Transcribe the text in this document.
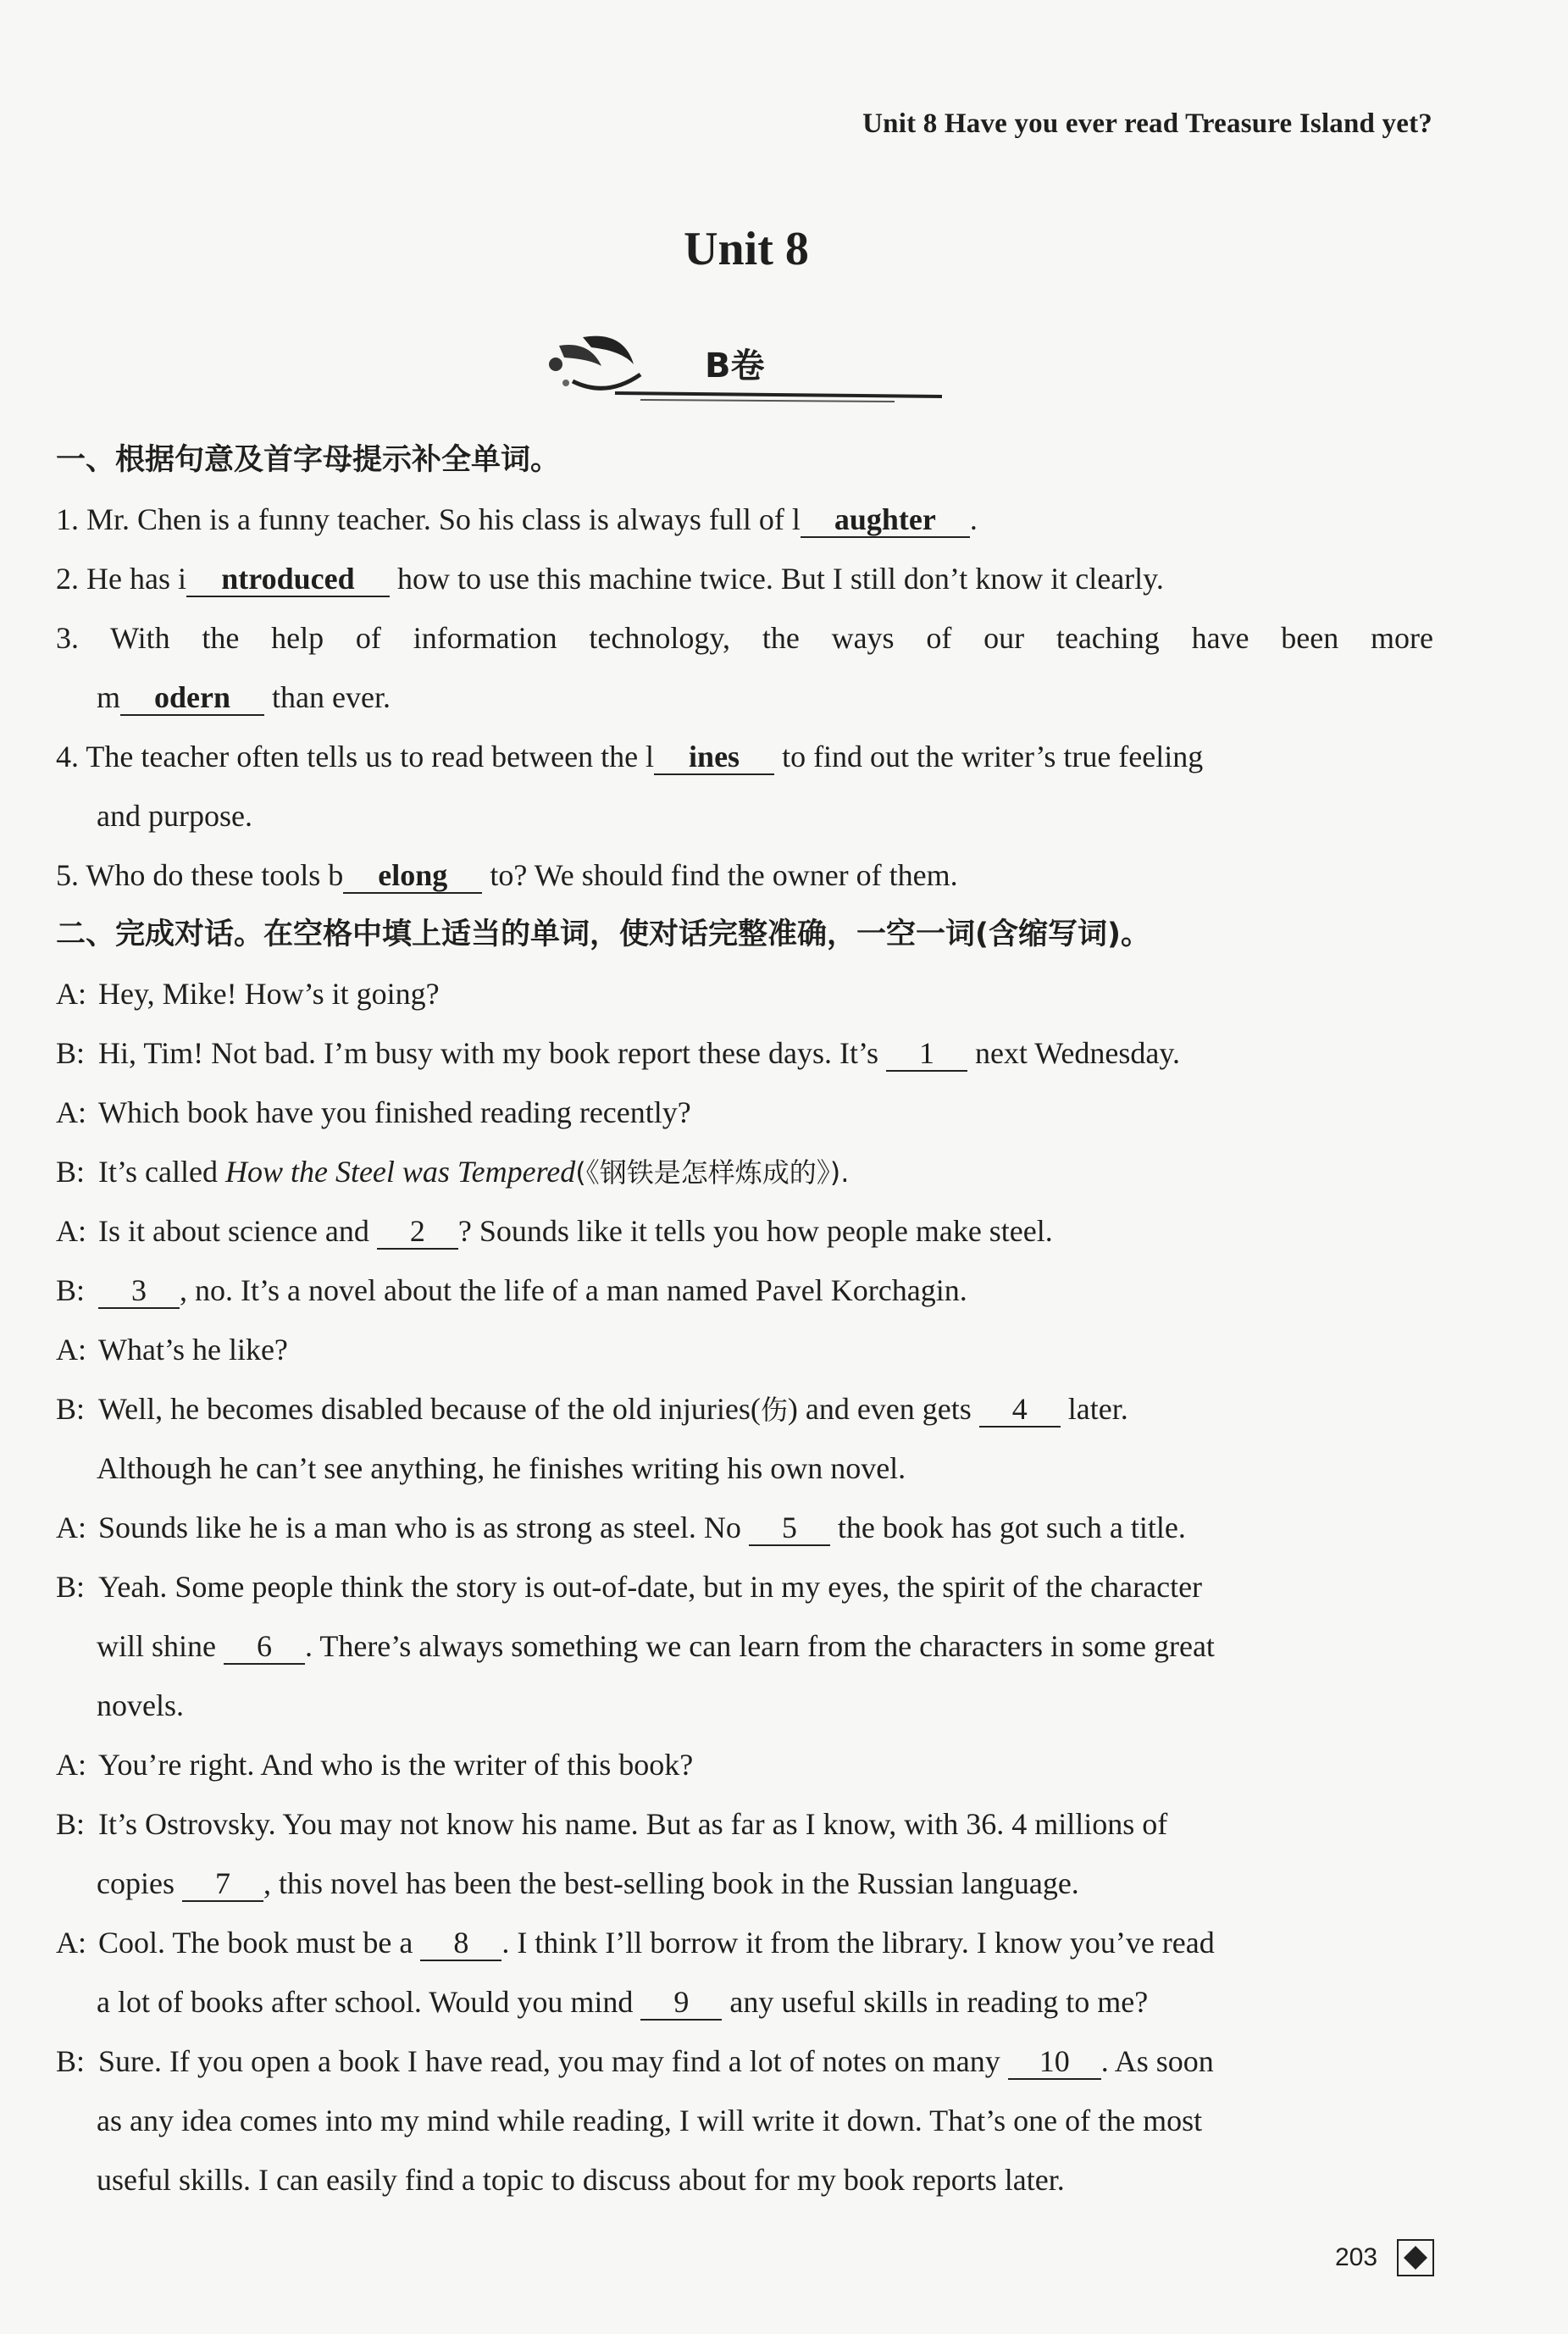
Unit 8 Have you ever read Treasure Island yet?
Unit 8
B卷
一、根据句意及首字母提示补全单词。
1. Mr. Chen is a funny teacher. So his class is always full of l aughter .
2. He has i ntroduced how to use this machine twice. But I still don’t know it clearly.
3. With the help of information technology, the ways of our teaching have been more
m odern than ever.
4. The teacher often tells us to read between the l ines to find out the writer’s true feeling
and purpose.
5. Who do these tools b elong to? We should find the owner of them.
二、完成对话。在空格中填上适当的单词，使对话完整准确，一空一词(含缩写词)。
A: Hey, Mike! How’s it going?
B: Hi, Tim! Not bad. I’m busy with my book report these days. It’s 1 next Wednesday.
A: Which book have you finished reading recently?
B: It’s called How the Steel was Tempered(《钢铁是怎样炼成的》).
A: Is it about science and 2 ? Sounds like it tells you how people make steel.
B: 3 , no. It’s a novel about the life of a man named Pavel Korchagin.
A: What’s he like?
B: Well, he becomes disabled because of the old injuries(伤) and even gets 4 later.
Although he can’t see anything, he finishes writing his own novel.
A: Sounds like he is a man who is as strong as steel. No 5 the book has got such a title.
B: Yeah. Some people think the story is out-of-date, but in my eyes, the spirit of the character
will shine 6 . There’s always something we can learn from the characters in some great
novels.
A: You’re right. And who is the writer of this book?
B: It’s Ostrovsky. You may not know his name. But as far as I know, with 36. 4 millions of
copies 7 , this novel has been the best-selling book in the Russian language.
A: Cool. The book must be a 8 . I think I’ll borrow it from the library. I know you’ve read
a lot of books after school. Would you mind 9 any useful skills in reading to me?
B: Sure. If you open a book I have read, you may find a lot of notes on many 10 . As soon
as any idea comes into my mind while reading, I will write it down. That’s one of the most
useful skills. I can easily find a topic to discuss about for my book reports later.
203
